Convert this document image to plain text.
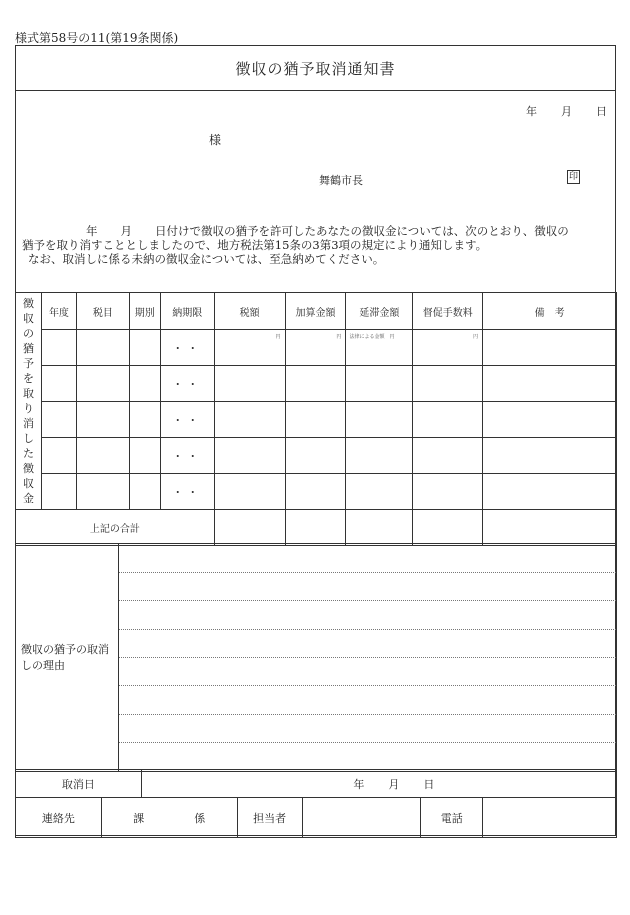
様式第58号の11(第19条関係)
徴収の猶予取消通知書
年 月 日
様
舞鶴市長	印

年　　月　　日付けで徴収の猶予を許可したあなたの徴収金については、次のとおり、徴収の

猶予を取り消すこととしましたので、地方税法第15条の3第3項の規定により通知します。

なお、取消しに係る未納の徴収金については、至急納めてください。

徴収の猶予を取り消した徴収金	年度	税目	期別	納期限	税額	加算金額	延滞金額	督促手数料	備　考
				・・	円	円	法律による金額　 円	円	
				・・					
				・・					
				・・					
				・・					
上記の合計									
徴収の猶予の取消しの理由	
取消日	年 月 日
連絡先	課	係	担当者		電話	
